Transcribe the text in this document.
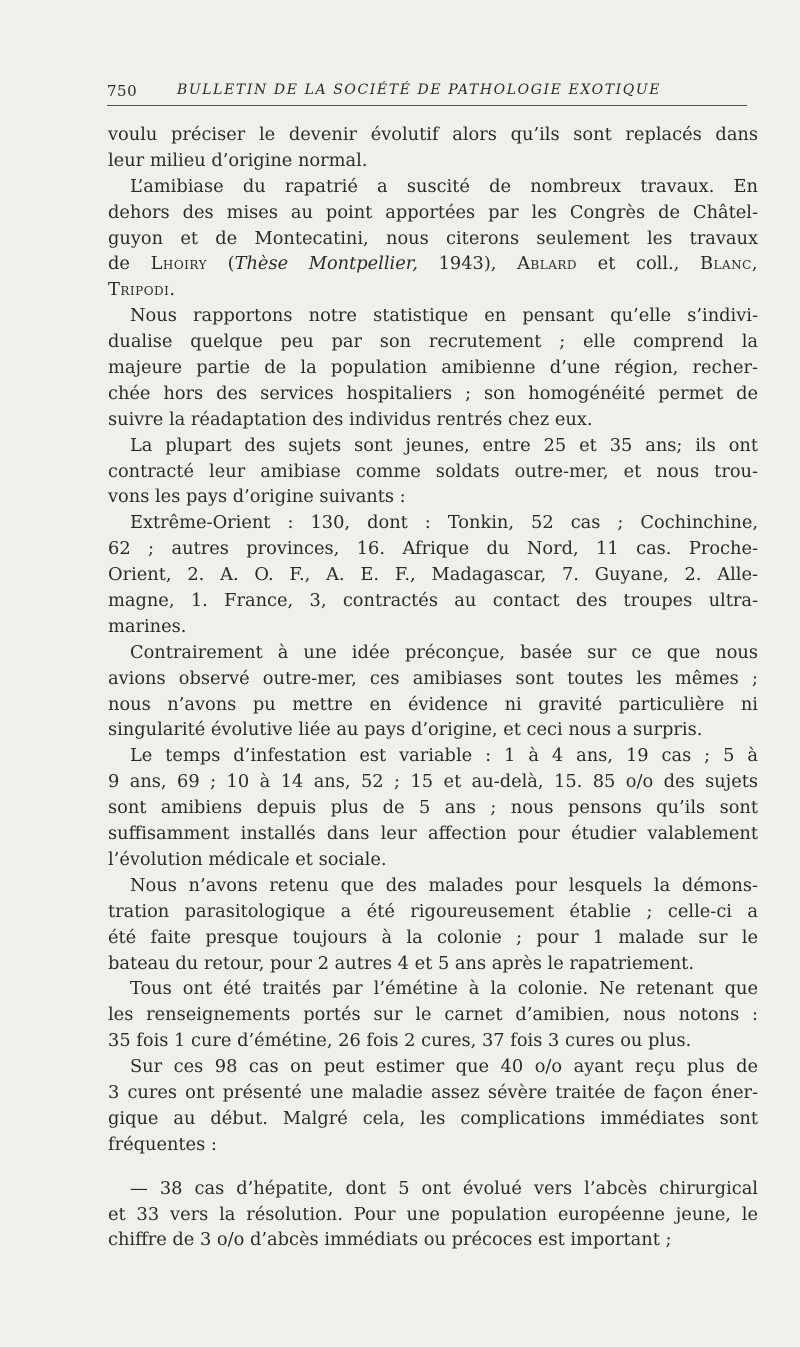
750	BULLETIN DE LA SOCIÉTÉ DE PATHOLOGIE EXOTIQUE
voulu préciser le devenir évolutif alors qu’ils sont replacés dans
leur milieu d’origine normal.
L’amibiase du rapatrié a suscité de nombreux travaux. En
dehors des mises au point apportées par les Congrès de Châtel-
guyon et de Montecatini, nous citerons seulement les travaux
de Lhoiry (Thèse Montpellier, 1943), Ablard et coll., Blanc,
Tripodi.
Nous rapportons notre statistique en pensant qu’elle s’indivi-
dualise quelque peu par son recrutement ; elle comprend la
majeure partie de la population amibienne d’une région, recher-
chée hors des services hospitaliers ; son homogénéité permet de
suivre la réadaptation des individus rentrés chez eux.
La plupart des sujets sont jeunes, entre 25 et 35 ans; ils ont
contracté leur amibiase comme soldats outre-mer, et nous trou-
vons les pays d’origine suivants :
Extrême-Orient : 130, dont : Tonkin, 52 cas ; Cochinchine,
62 ; autres provinces, 16. Afrique du Nord, 11 cas. Proche-
Orient, 2. A. O. F., A. E. F., Madagascar, 7. Guyane, 2. Alle-
magne, 1. France, 3, contractés au contact des troupes ultra-
marines.
Contrairement à une idée préconçue, basée sur ce que nous
avions observé outre-mer, ces amibiases sont toutes les mêmes ;
nous n’avons pu mettre en évidence ni gravité particulière ni
singularité évolutive liée au pays d’origine, et ceci nous a surpris.
Le temps d’infestation est variable : 1 à 4 ans, 19 cas ; 5 à
9 ans, 69 ; 10 à 14 ans, 52 ; 15 et au-delà, 15. 85 o/o des sujets
sont amibiens depuis plus de 5 ans ; nous pensons qu’ils sont
suffisamment installés dans leur affection pour étudier valablement
l’évolution médicale et sociale.
Nous n’avons retenu que des malades pour lesquels la démons-
tration parasitologique a été rigoureusement établie ; celle-ci a
été faite presque toujours à la colonie ; pour 1 malade sur le
bateau du retour, pour 2 autres 4 et 5 ans après le rapatriement.
Tous ont été traités par l’émétine à la colonie. Ne retenant que
les renseignements portés sur le carnet d’amibien, nous notons :
35 fois 1 cure d’émétine, 26 fois 2 cures, 37 fois 3 cures ou plus.
Sur ces 98 cas on peut estimer que 40 o/o ayant reçu plus de
3 cures ont présenté une maladie assez sévère traitée de façon éner-
gique au début. Malgré cela, les complications immédiates sont
fréquentes :
— 38 cas d’hépatite, dont 5 ont évolué vers l’abcès chirurgical
et 33 vers la résolution. Pour une population européenne jeune, le
chiffre de 3 o/o d’abcès immédiats ou précoces est important ;
